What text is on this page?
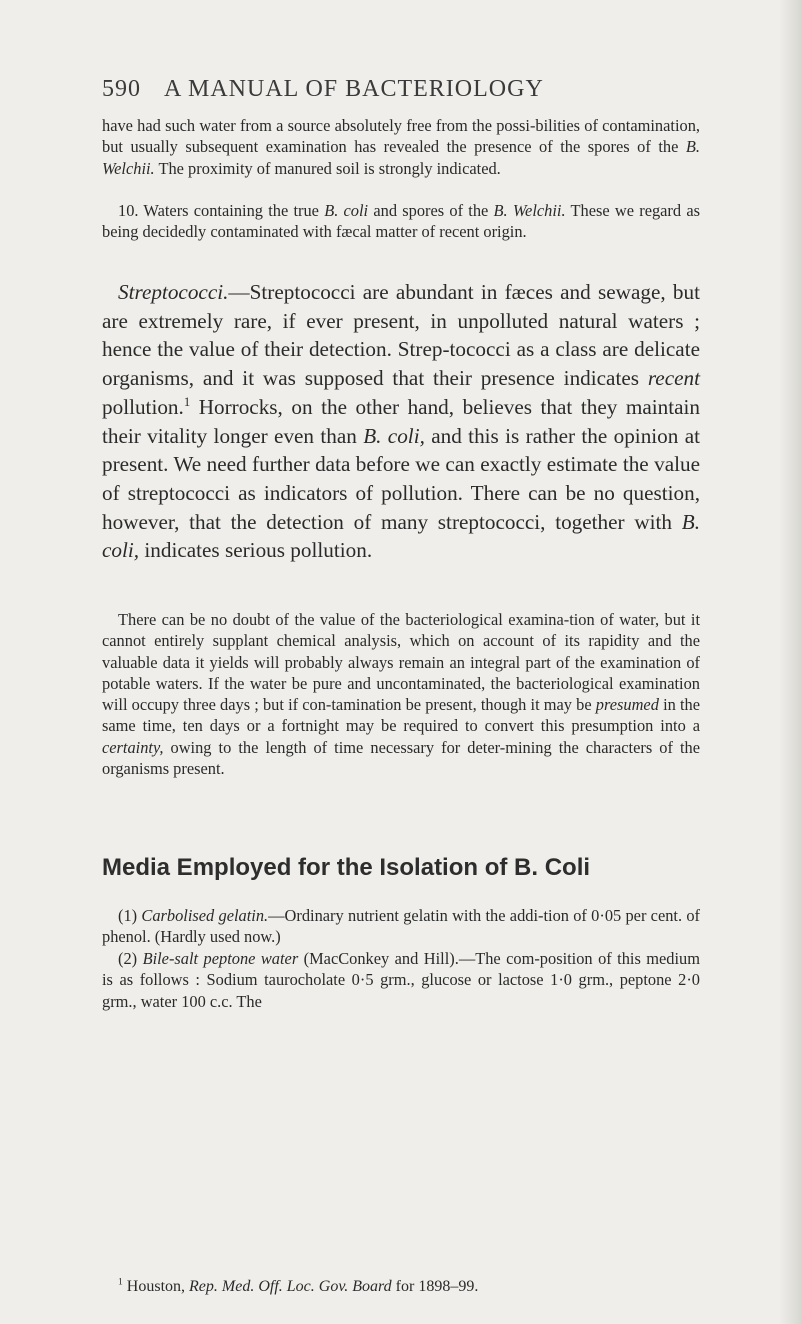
590 A MANUAL OF BACTERIOLOGY

have had such water from a source absolutely free from the possi-bilities of contamination, but usually subsequent examination has revealed the presence of the spores of the B. Welchii. The proximity of manured soil is strongly indicated.

10. Waters containing the true B. coli and spores of the B. Welchii. These we regard as being decidedly contaminated with fæcal matter of recent origin.

Streptococci.—Streptococci are abundant in fæces and sewage, but are extremely rare, if ever present, in unpolluted natural waters ; hence the value of their detection. Strep-tococci as a class are delicate organisms, and it was supposed that their presence indicates recent pollution.$^1$ Horrocks, on the other hand, believes that they maintain their vitality longer even than B. coli, and this is rather the opinion at present. We need further data before we can exactly estimate the value of streptococci as indicators of pollution. There can be no question, however, that the detection of many streptococci, together with B. coli, indicates serious pollution.

There can be no doubt of the value of the bacteriological examina-tion of water, but it cannot entirely supplant chemical analysis, which on account of its rapidity and the valuable data it yields will probably always remain an integral part of the examination of potable waters. If the water be pure and uncontaminated, the bacteriological examination will occupy three days ; but if con-tamination be present, though it may be presumed in the same time, ten days or a fortnight may be required to convert this presumption into a certainty, owing to the length of time necessary for deter-mining the characters of the organisms present.

Media Employed for the Isolation of B. Coli

(1) Carbolised gelatin.—Ordinary nutrient gelatin with the addi-tion of 0·05 per cent. of phenol. (Hardly used now.)

(2) Bile-salt peptone water (MacConkey and Hill).—The com-position of this medium is as follows : Sodium taurocholate 0·5 grm., glucose or lactose 1·0 grm., peptone 2·0 grm., water 100 c.c. The

$^1$ Houston, Rep. Med. Off. Loc. Gov. Board for 1898–99.
